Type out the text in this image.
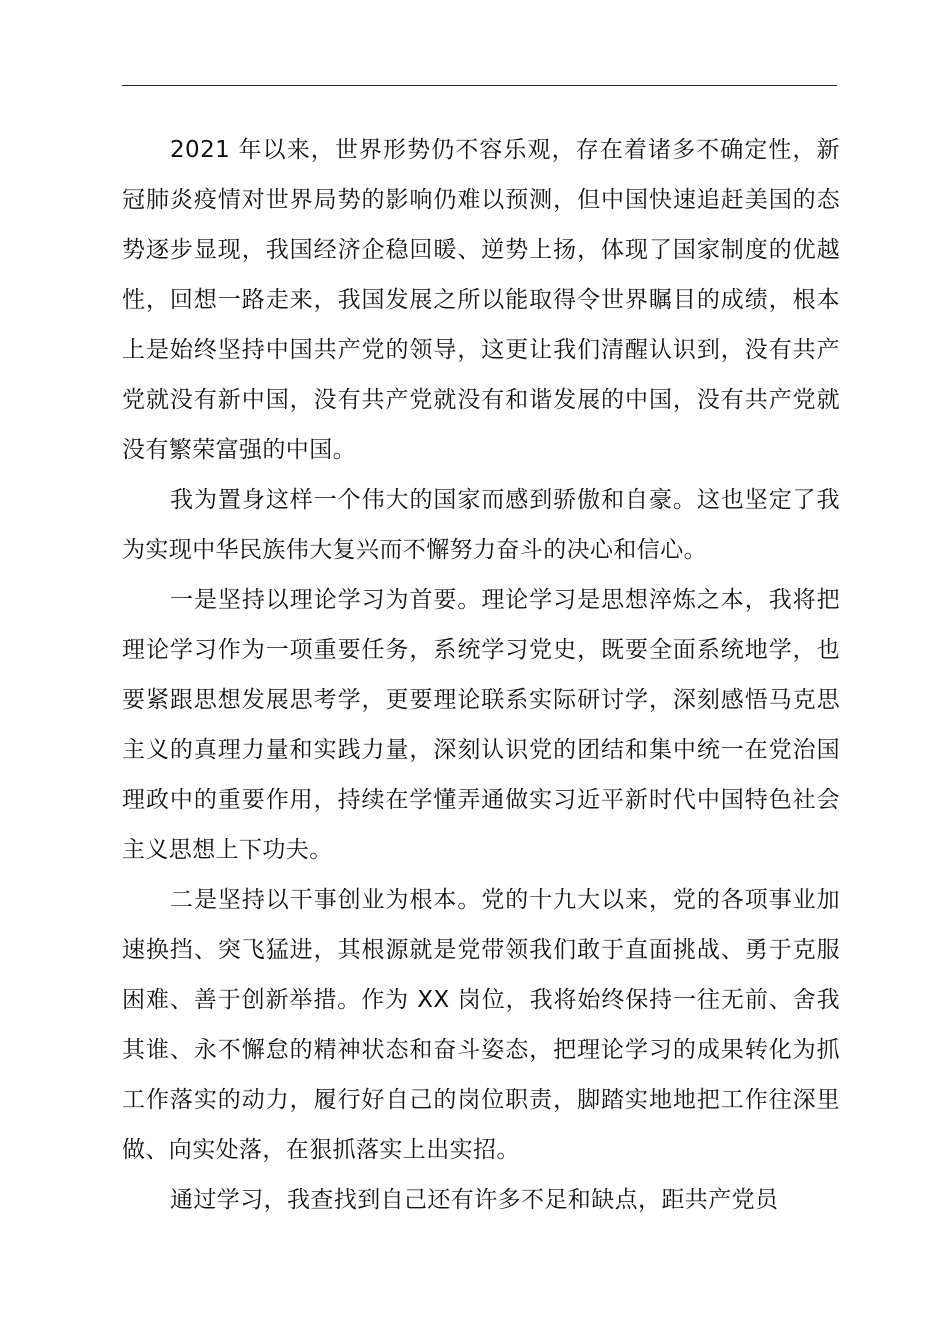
2021 年以来，世界形势仍不容乐观，存在着诸多不确定性，新冠肺炎疫情对世界局势的影响仍难以预测，但中国快速追赶美国的态势逐步显现，我国经济企稳回暖、逆势上扬，体现了国家制度的优越性，回想一路走来，我国发展之所以能取得令世界瞩目的成绩，根本上是始终坚持中国共产党的领导，这更让我们清醒认识到，没有共产党就没有新中国，没有共产党就没有和谐发展的中国，没有共产党就没有繁荣富强的中国。

我为置身这样一个伟大的国家而感到骄傲和自豪。这也坚定了我为实现中华民族伟大复兴而不懈努力奋斗的决心和信心。

一是坚持以理论学习为首要。理论学习是思想淬炼之本，我将把理论学习作为一项重要任务，系统学习党史，既要全面系统地学，也要紧跟思想发展思考学，更要理论联系实际研讨学，深刻感悟马克思主义的真理力量和实践力量，深刻认识党的团结和集中统一在党治国理政中的重要作用，持续在学懂弄通做实习近平新时代中国特色社会主义思想上下功夫。

二是坚持以干事创业为根本。党的十九大以来，党的各项事业加速换挡、突飞猛进，其根源就是党带领我们敢于直面挑战、勇于克服困难、善于创新举措。作为 XX 岗位，我将始终保持一往无前、舍我其谁、永不懈怠的精神状态和奋斗姿态，把理论学习的成果转化为抓工作落实的动力，履行好自己的岗位职责，脚踏实地地把工作往深里做、向实处落，在狠抓落实上出实招。

通过学习，我查找到自己还有许多不足和缺点，距共产党员
